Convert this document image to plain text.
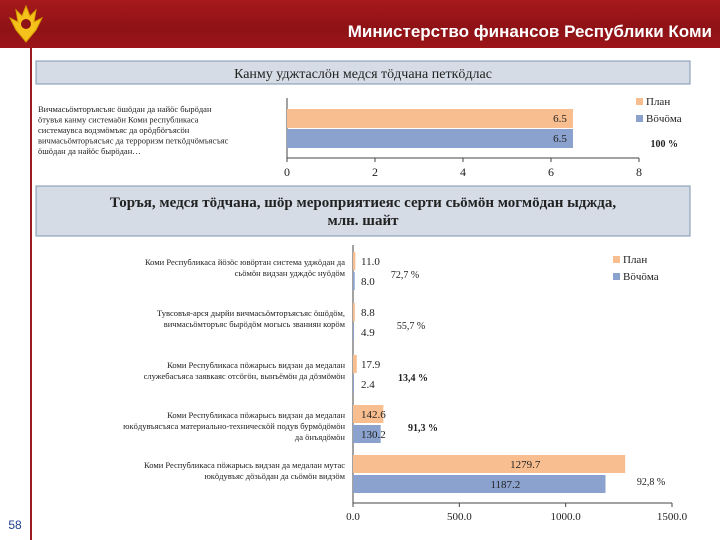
Министерство финансов Республики Коми
58
Канму уджтаслӧн медся тӧдчана петкӧдлас
0	2	4	6	8
Вичмасьӧмторъясъяс ӧшӧдан да найӧс бырӧдан ӧтувъя канму системаӧн Коми республикаса системаувса водзмӧмъяс да орӧдбӧгъясӧн вичмасьӧмторъясъяс да терроризм петкӧдчӧмъясъяс ӧшӧдан да найӧс бырӧдан…
6.5
6.5	100 %
План
Вӧчӧма
Торъя, медся тӧдчана, шӧр мероприятиеяс серти сьӧмӧн могмӧдан ыджда, млн. шайт
0.0	500.0	1000.0	1500.0
Коми Республикаса йӧзӧс ювӧртан система уджӧдан да сьӧмӧн видзан удждӧс нуӧдӧм
11.0
8.0
72,7 %
Тувсовъя-арся дырйи вичмасьӧмторъясъяс ӧшӧдӧм, вичмасьӧмторъяс бырӧдӧм могысь званиян корӧм
8.8
4.9
55,7 %
Коми Республикаса пӧжарысь видзан да медалан служебасъяса заявкаяс отсӧгӧн, вынъёмӧн да дӧзмӧмӧн
17.9
2.4
13,4 %
Коми Республикаса пӧжарысь видзан да медалан юкӧдувъясъяса материально-техническӧй подув бурмӧдӧмӧн да ӧнъядӧмӧн
142.6
130.2
91,3 %
Коми Республикаса пӧжарысь видзан да медалан мутас юкӧдувъяс дӧзьӧдан да сьӧмӧн видзӧм
1279.7
1187.2	92,8 %
План
Вӧчӧма
